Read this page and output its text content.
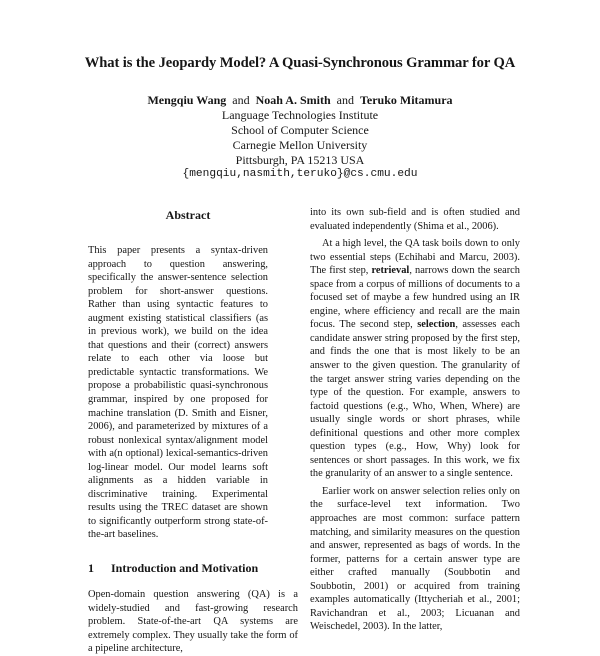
What is the Jeopardy Model? A Quasi-Synchronous Grammar for QA
Mengqiu Wang and Noah A. Smith and Teruko Mitamura
Language Technologies Institute
School of Computer Science
Carnegie Mellon University
Pittsburgh, PA 15213 USA
{mengqiu,nasmith,teruko}@cs.cmu.edu
Abstract

This paper presents a syntax-driven approach to question answering, specifically the answer-sentence selection problem for short-answer questions. Rather than using syntactic features to augment existing statistical classifiers (as in previous work), we build on the idea that questions and their (correct) answers relate to each other via loose but predictable syntactic transformations. We propose a probabilistic quasi-synchronous grammar, inspired by one proposed for machine translation (D. Smith and Eisner, 2006), and parameterized by mixtures of a robust nonlexical syntax/alignment model with a(n optional) lexical-semantics-driven log-linear model. Our model learns soft alignments as a hidden variable in discriminative training. Experimental results using the TREC dataset are shown to significantly outperform strong state-of-the-art baselines.

1 Introduction and Motivation

Open-domain question answering (QA) is a widely-studied and fast-growing research problem. State-of-the-art QA systems are extremely complex. They usually take the form of a pipeline architecture,

into its own sub-field and is often studied and evaluated independently (Shima et al., 2006).

At a high level, the QA task boils down to only two essential steps (Echihabi and Marcu, 2003). The first step, retrieval, narrows down the search space from a corpus of millions of documents to a focused set of maybe a few hundred using an IR engine, where efficiency and recall are the main focus. The second step, selection, assesses each candidate answer string proposed by the first step, and finds the one that is most likely to be an answer to the given question. The granularity of the target answer string varies depending on the type of the question. For example, answers to factoid questions (e.g., Who, When, Where) are usually single words or short phrases, while definitional questions and other more complex question types (e.g., How, Why) look for sentences or short passages. In this work, we fix the granularity of an answer to a single sentence.

Earlier work on answer selection relies only on the surface-level text information. Two approaches are most common: surface pattern matching, and similarity measures on the question and answer, represented as bags of words. In the former, patterns for a certain answer type are either crafted manually (Soubbotin and Soubbotin, 2001) or acquired from training examples automatically (Ittycheriah et al., 2001; Ravichandran et al., 2003; Licuanan and Weischedel, 2003). In the latter,
